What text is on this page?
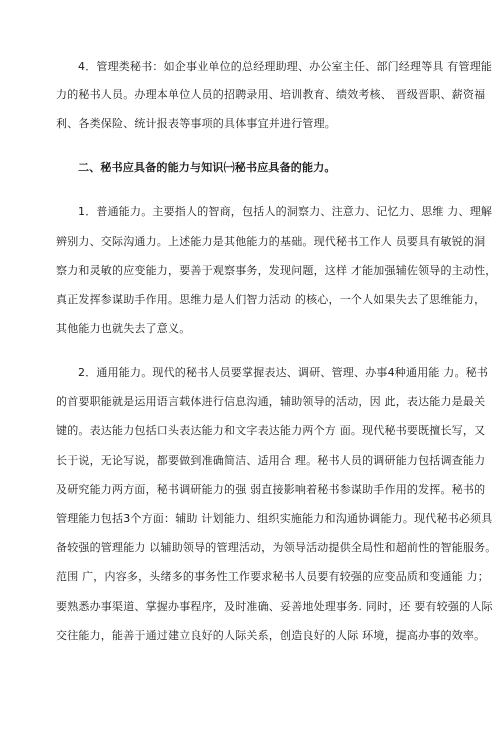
4．管理类秘书：如企事业单位的总经理助理、办公室主任、部门经理等具 有管理能
力的秘书人员。办理本单位人员的招聘录用、培训教育、绩效考核、 晋级晋职、薪资福
利、各类保险、统计报表等事项的具体事宜并进行管理。
二、秘书应具备的能力与知识㈠秘书应具备的能力。
1．普通能力。主要指人的智商，包括人的洞察力、注意力、记忆力、思维 力、理解
辨别力、交际沟通力。上述能力是其他能力的基础。现代秘书工作人 员要具有敏锐的洞
察力和灵敏的应变能力，要善于观察事务，发现问题，这样 才能加强辅佐领导的主动性，
真正发挥参谋助手作用。思维力是人们智力活动 的核心，一个人如果失去了思维能力，
其他能力也就失去了意义。
2．通用能力。现代的秘书人员要掌握表达、调研、管理、办事4种通用能 力。秘书
的首要职能就是运用语言载体进行信息沟通，辅助领导的活动，因 此，表达能力是最关
键的。表达能力包括口头表达能力和文字表达能力两个方 面。现代秘书要既擅长写，又
长于说，无论写说，都要做到准确简洁、适用合 理。秘书人员的调研能力包括调查能力
及研究能力两方面，秘书调研能力的强 弱直接影响着秘书参谋助手作用的发挥。秘书的
管理能力包括3个方面：辅助 计划能力、组织实施能力和沟通协调能力。现代秘书必须具
备较强的管理能力 以辅助领导的管理活动，为领导活动提供全局性和超前性的智能服务。
范围 广，内容多，头绪多的事务性工作要求秘书人员要有较强的应变品质和变通能 力；
要熟悉办事渠道、掌握办事程序，及时准确、妥善地处理事务. 同时，还 要有较强的人际
交往能力，能善于通过建立良好的人际关系，创造良好的人际 环境，提高办事的效率。
